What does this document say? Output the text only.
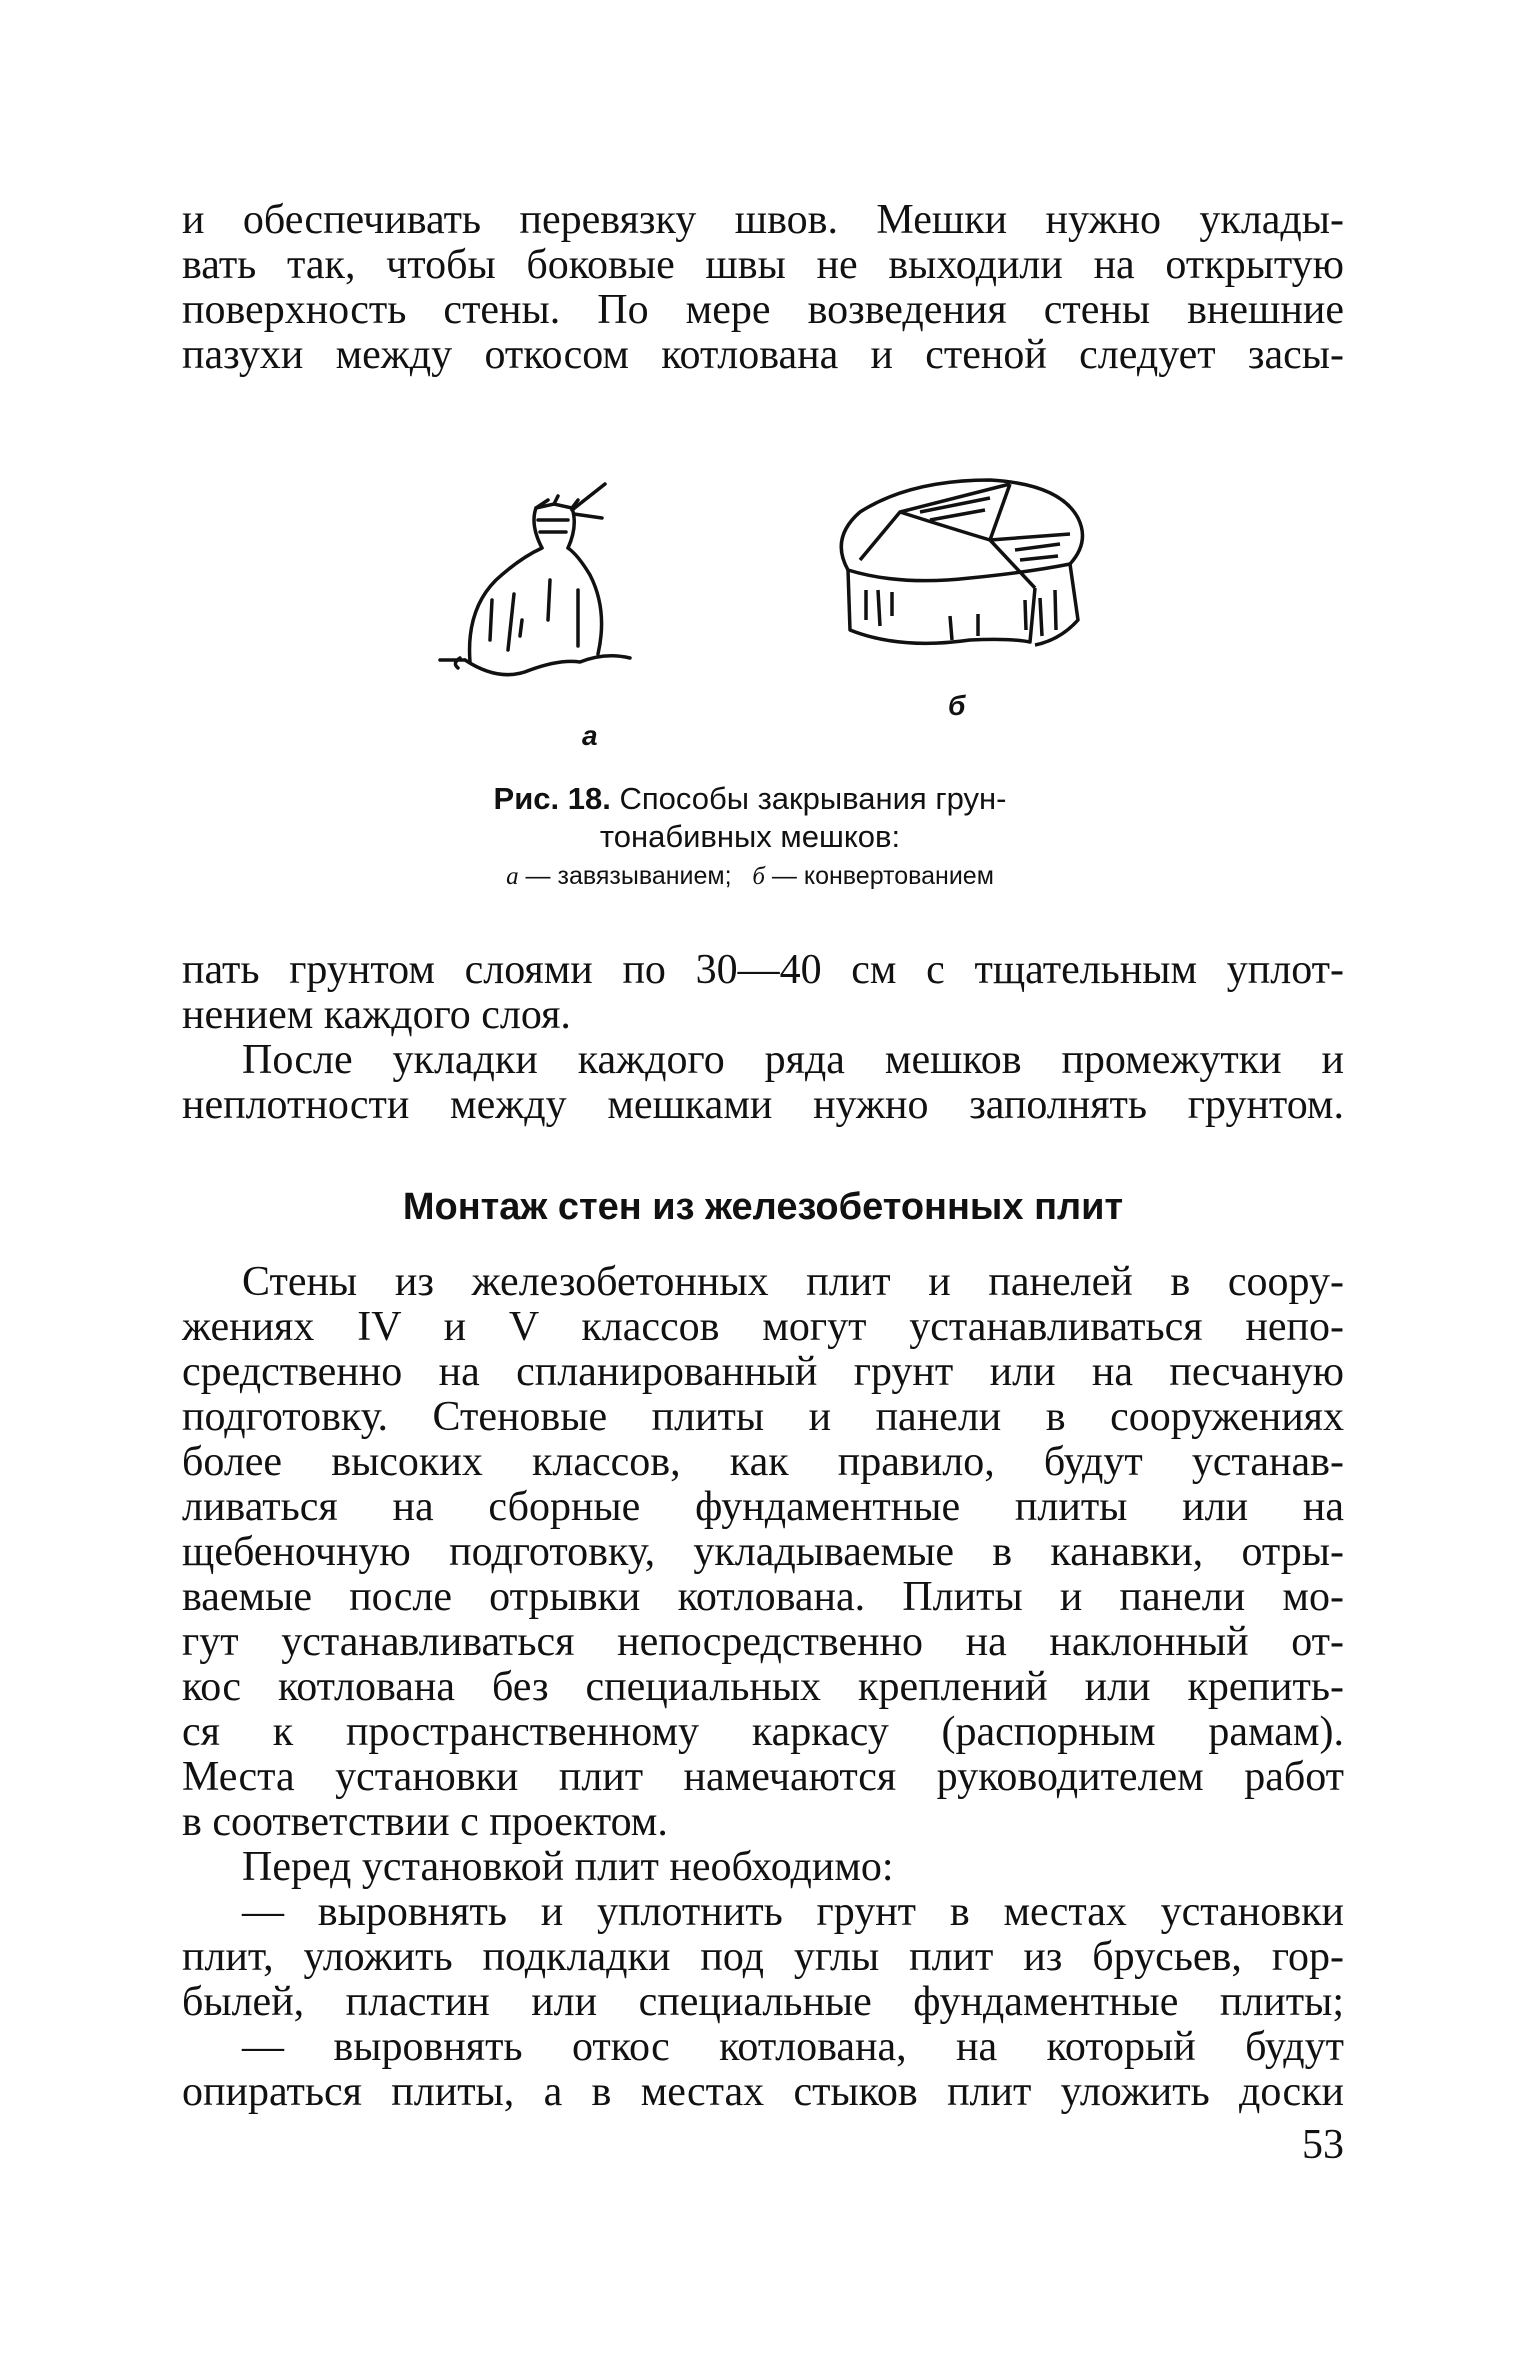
и обеспечивать перевязку швов. Мешки нужно уклады-
вать так, чтобы боковые швы не выходили на открытую
поверхность стены. По мере возведения стены внешние
пазухи между откосом котлована и стеной следует засы-
а
б
Рис. 18. Способы закрывания грун-
тонабивных мешков:
а — завязыванием; б — конвертованием
пать грунтом слоями по 30—40 см с тщательным уплот-
нением каждого слоя.
После укладки каждого ряда мешков промежутки и
неплотности между мешками нужно заполнять грунтом.
Монтаж стен из железобетонных плит
Стены из железобетонных плит и панелей в соору-
жениях IV и V классов могут устанавливаться непо-
средственно на спланированный грунт или на песчаную
подготовку. Стеновые плиты и панели в сооружениях
более высоких классов, как правило, будут устанав-
ливаться на сборные фундаментные плиты или на
щебеночную подготовку, укладываемые в канавки, отры-
ваемые после отрывки котлована. Плиты и панели мо-
гут устанавливаться непосредственно на наклонный от-
кос котлована без специальных креплений или крепить-
ся к пространственному каркасу (распорным рамам).
Места установки плит намечаются руководителем работ
в соответствии с проектом.
Перед установкой плит необходимо:
— выровнять и уплотнить грунт в местах установки
плит, уложить подкладки под углы плит из брусьев, гор-
былей, пластин или специальные фундаментные плиты;
— выровнять откос котлована, на который будут
опираться плиты, а в местах стыков плит уложить доски
53
